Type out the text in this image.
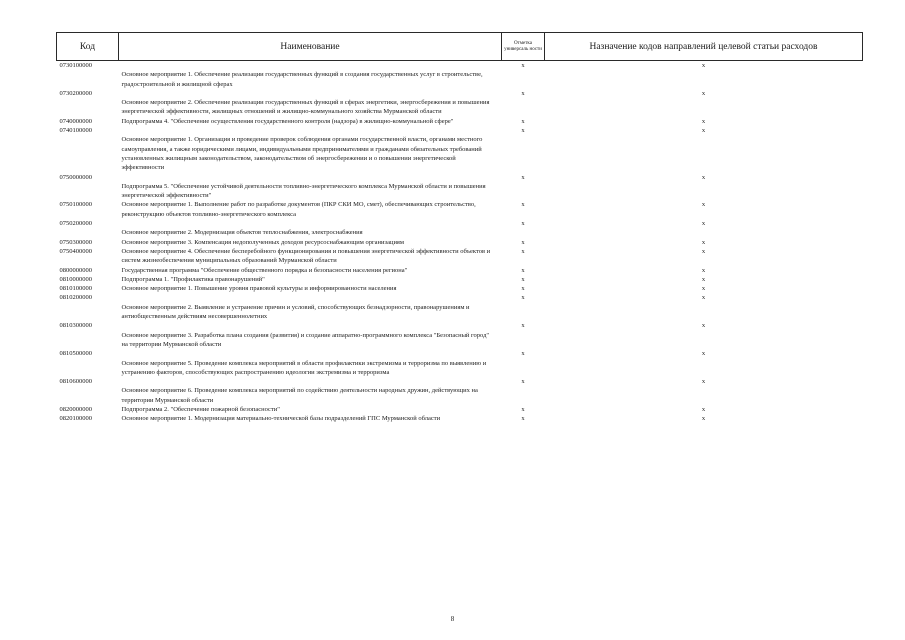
Код	Наименование	Отметка универсаль ности	Назначение кодов направлений целевой статьи расходов
0730100000		x	x
	Основное мероприятие 1. Обеспечение реализации государственных функций в создания государственных услуг в строительстве, градостроительной и жилищной сферах		
0730200000		x	x
	Основное мероприятие 2. Обеспечение реализации государственных функций в сферах энергетики, энергосбережения и повышения энергетической эффективности, жилищных отношений и жилищно-коммунального хозяйства Мурманской области		
0740000000	Подпрограмма 4. "Обеспечение осуществления государственного контроля (надзора) в жилищно-коммунальной сфере"	x	x
0740100000		x	x
	Основное мероприятие 1. Организация и проведение проверок соблюдения органами государственной власти, органами местного самоуправления, а также юридическими лицами, индивидуальными предпринимателями и гражданами обязательных требований установленных жилищным законодательством, законодательством об энергосбережении и о повышении энергетической эффективности		
0750000000		x	x
	Подпрограмма 5. "Обеспечение устойчивой деятельности топливно-энергетического комплекса Мурманской области и повышения энергетической эффективности"		
0750100000	Основное мероприятие 1. Выполнение работ по разработке документов (ПКР СКИ МО, смет), обеспечивающих строительство, реконструкцию объектов топливно-энергетического комплекса	x	x
0750200000		x	x
	Основное мероприятие 2. Модернизация объектов теплоснабжения, электроснабжения		
0750300000	Основное мероприятие 3. Компенсация недополученных доходов ресурсоснабжающим организациям	x	x
0750400000	Основное мероприятие 4. Обеспечение бесперебойного функционирования и повышения энергетической эффективности объектов и систем жизнеобеспечения муниципальных образований Мурманской области	x	x
0800000000	Государственная программа "Обеспечение общественного порядка и безопасности населения региона"	x	x
0810000000	Подпрограмма 1. "Профилактика правонарушений"	x	x
0810100000	Основное мероприятие 1. Повышение уровня правовой культуры и информированности населения	x	x
0810200000		x	x
	Основное мероприятие 2. Выявление и устранение причин и условий, способствующих безнадзорности, правонарушениям и антиобщественным действиям несовершеннолетних		
0810300000		x	x
	Основное мероприятие 3. Разработка плана создания (развития) и создание аппаратно-программного комплекса "Безопасный город" на территории Мурманской области		
0810500000		x	x
	Основное мероприятие 5. Проведение комплекса мероприятий в области профилактики экстремизма и терроризма по выявлению и устранению факторов, способствующих распространению идеологии экстремизма и терроризма		
0810600000		x	x
	Основное мероприятие 6. Проведение комплекса мероприятий по содействию деятельности народных дружин, действующих на территории Мурманской области		
0820000000	Подпрограмма 2. "Обеспечение пожарной безопасности"	x	x
0820100000	Основное мероприятие 1. Модернизация материально-технической базы подразделений ГПС Мурманской области	x	x
8
